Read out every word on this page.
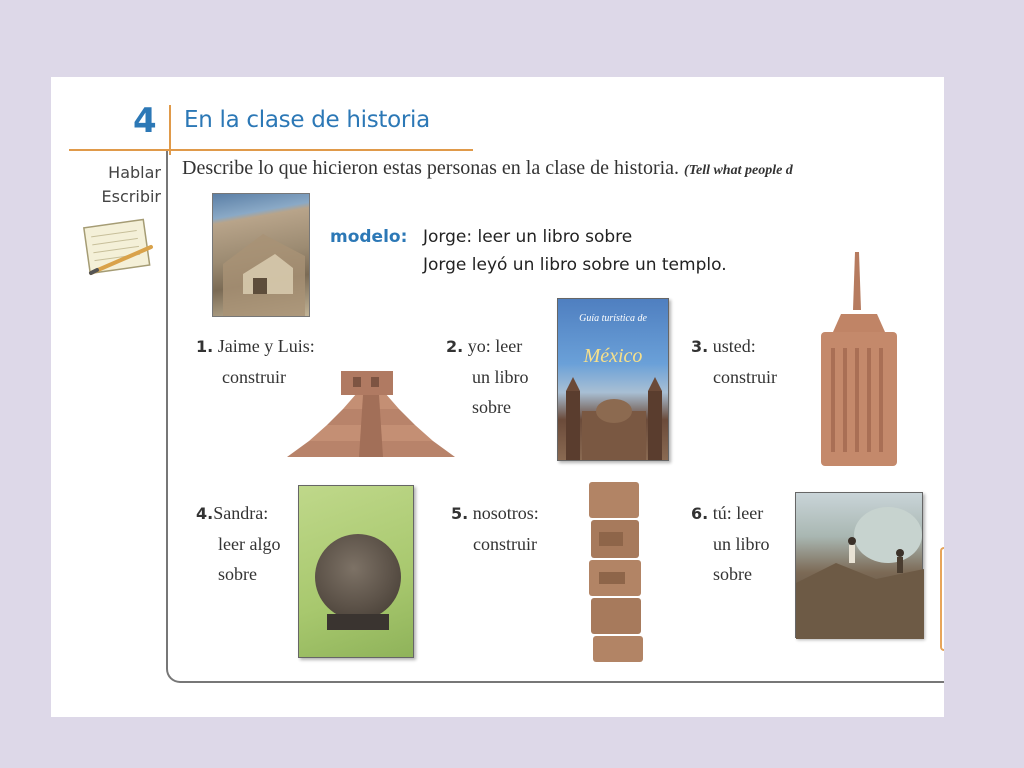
4 En la clase de historia
Hablar
Escribir
Describe lo que hicieron estas personas en la clase de historia. (Tell what people d
modelo: Jorge: leer un libro sobre
Jorge leyó un libro sobre un templo.
1. Jaime y Luis:
construir
2. yo: leer
un libro
sobre
Guía turística de
México	3. usted:
construir
4.Sandra:
leer algo
sobre
5. nosotros:
construir
6. tú: leer
un libro
sobre
